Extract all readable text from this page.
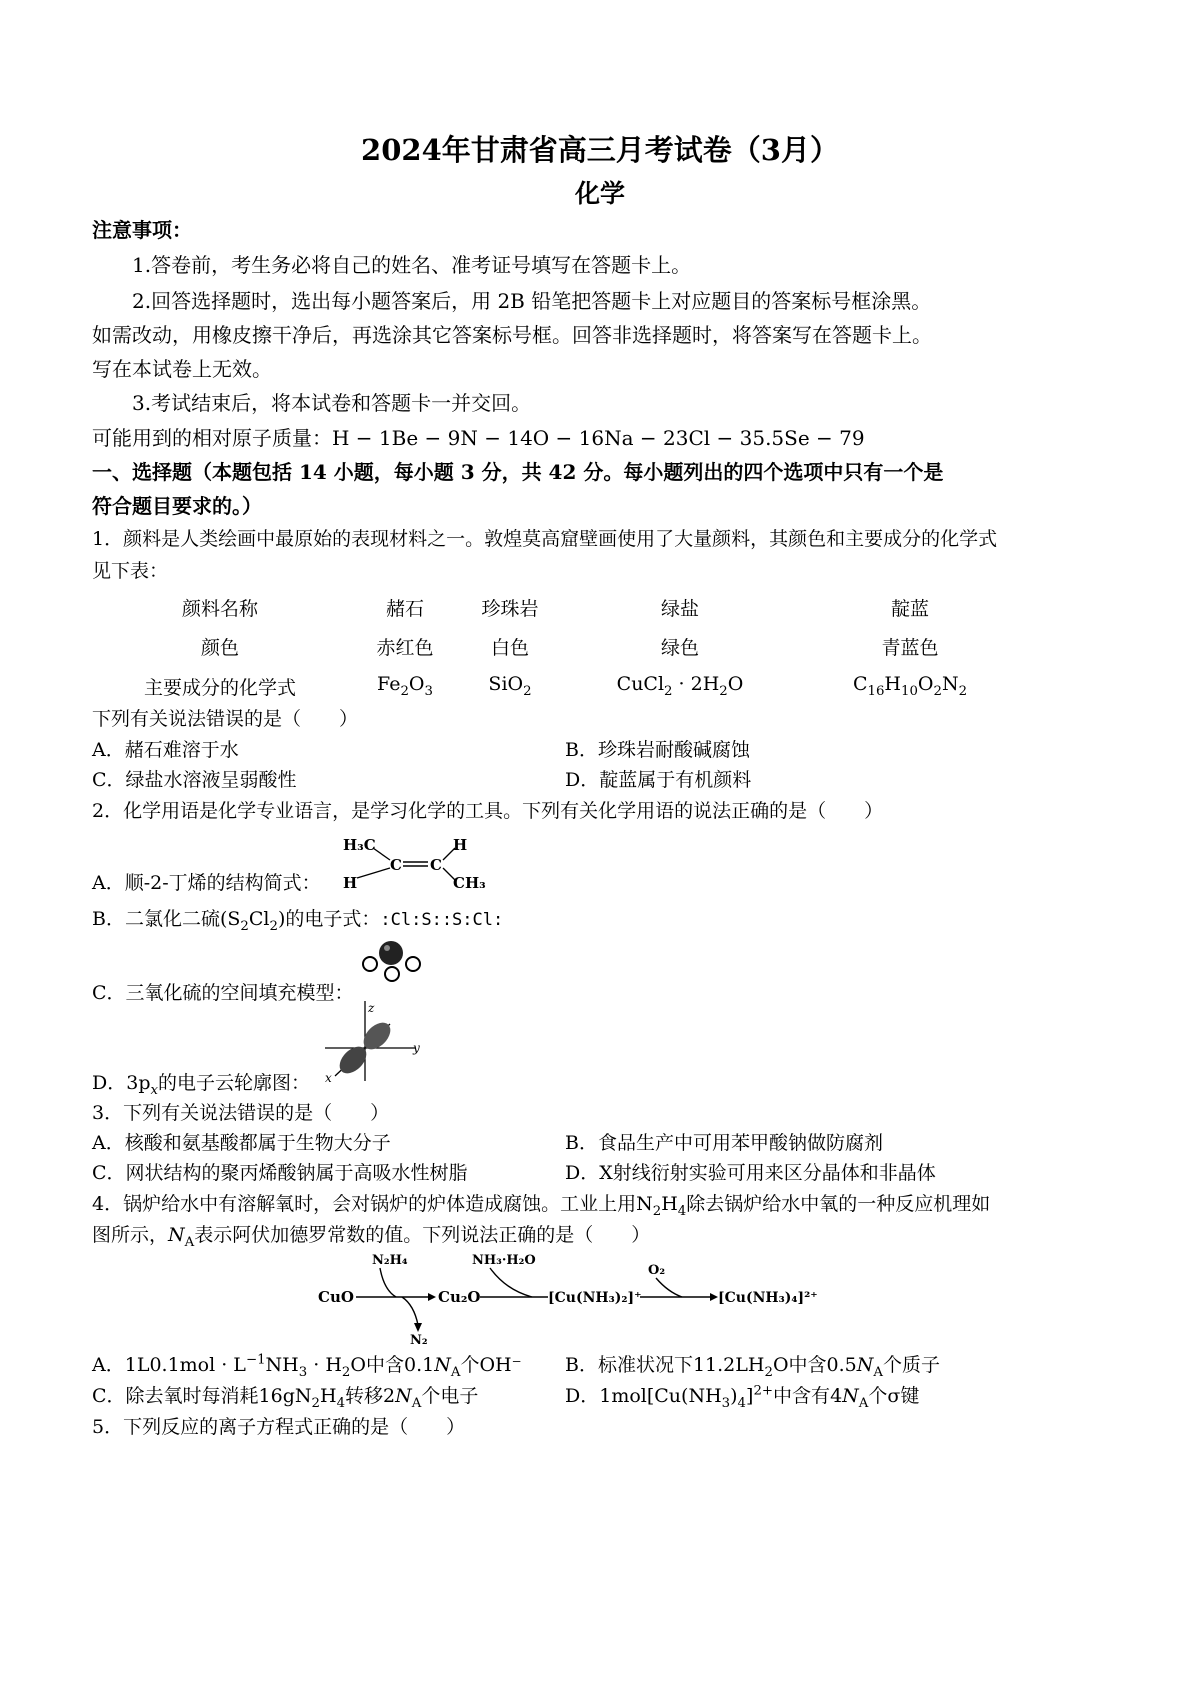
2024年甘肃省高三月考试卷（3月）
化学
注意事项：
1.答卷前，考生务必将自己的姓名、准考证号填写在答题卡上。
2.回答选择题时，选出每小题答案后，用 2B 铅笔把答题卡上对应题目的答案标号框涂黑。
如需改动，用橡皮擦干净后，再选涂其它答案标号框。回答非选择题时，将答案写在答题卡上。
写在本试卷上无效。
3.考试结束后，将本试卷和答题卡一并交回。
可能用到的相对原子质量：H − 1Be − 9N − 14O − 16Na − 23Cl − 35.5Se − 79
一、选择题（本题包括 14 小题，每小题 3 分，共 42 分。每小题列出的四个选项中只有一个是
符合题目要求的。）
1．颜料是人类绘画中最原始的表现材料之一。敦煌莫高窟壁画使用了大量颜料，其颜色和主要成分的化学式
见下表：
颜料名称	赭石	珍珠岩	绿盐	靛蓝
颜色	赤红色	白色	绿色	青蓝色
主要成分的化学式	$Fe_2O_3$	SiO$_2$	CuCl$_2$ · $2H_2O$	$C_{16}H_{10}O_2N_2$
下列有关说法错误的是（　　）
A．赭石难溶于水	B．珍珠岩耐酸碱腐蚀
C．绿盐水溶液呈弱酸性	D．靛蓝属于有机颜料
2．化学用语是化学专业语言，是学习化学的工具。下列有关化学用语的说法正确的是（　　）
A．顺-2-丁烯的结构简式：
H₃C	H
H	CH₃
C C
B．二氯化二硫$(S_2Cl_2)$的电子式：:Cl:S::S:Cl:
C．三氧化硫的空间填充模型：
D．$3p_x$的电子云轮廓图：
y
z
x
3．下列有关说法错误的是（　　）
A．核酸和氨基酸都属于生物大分子	B．食品生产中可用苯甲酸钠做防腐剂
C．网状结构的聚丙烯酸钠属于高吸水性树脂	D．X射线衍射实验可用来区分晶体和非晶体
4．锅炉给水中有溶解氧时，会对锅炉的炉体造成腐蚀。工业上用$N_2H_4$除去锅炉给水中氧的一种反应机理如
图所示，$N_A$表示阿伏加德罗常数的值。下列说法正确的是（　　）
CuO
N₂H₄
N₂
Cu₂O
NH₃·H₂O
[Cu(NH₃)₂]⁺
O₂
[Cu(NH₃)₄]²⁺
A．$1L0.1mol \cdot L^{-1}NH_3 \cdot H_2O$中含$0.1N_A$个OH⁻ B．标准状况下$11.2LH_2O$中含$0.5N_A$个质子
C．除去氧时每消耗$16gN_2H_4$转移$2N_A$个电子	D．$1mol[Cu(NH_3)_4]^{2+}$中含有$4N_A$个σ键
5．下列反应的离子方程式正确的是（　　）
